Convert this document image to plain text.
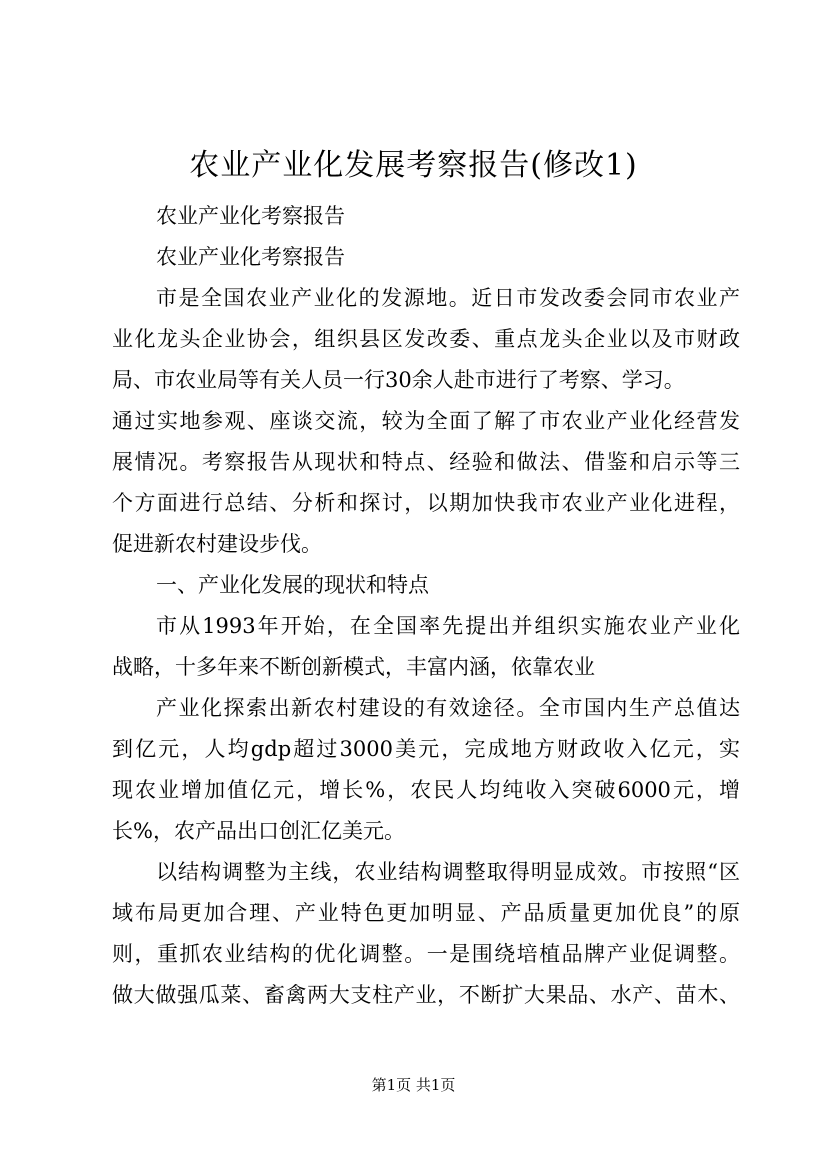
农业产业化发展考察报告(修改1)
农业产业化考察报告
农业产业化考察报告
市是全国农业产业化的发源地。近日市发改委会同市农业产
业化龙头企业协会，组织县区发改委、重点龙头企业以及市财政
局、市农业局等有关人员一行30余人赴市进行了考察、学习。
通过实地参观、座谈交流，较为全面了解了市农业产业化经营发
展情况。考察报告从现状和特点、经验和做法、借鉴和启示等三
个方面进行总结、分析和探讨，以期加快我市农业产业化进程，
促进新农村建设步伐。
一、产业化发展的现状和特点
市从1993年开始，在全国率先提出并组织实施农业产业化
战略，十多年来不断创新模式，丰富内涵，依靠农业
产业化探索出新农村建设的有效途径。全市国内生产总值达
到亿元，人均gdp超过3000美元，完成地方财政收入亿元，实
现农业增加值亿元，增长%，农民人均纯收入突破6000元，增
长%，农产品出口创汇亿美元。
以结构调整为主线，农业结构调整取得明显成效。市按照“区
域布局更加合理、产业特色更加明显、产品质量更加优良”的原
则，重抓农业结构的优化调整。一是围绕培植品牌产业促调整。
做大做强瓜菜、畜禽两大支柱产业，不断扩大果品、水产、苗木、
第1页 共1页
